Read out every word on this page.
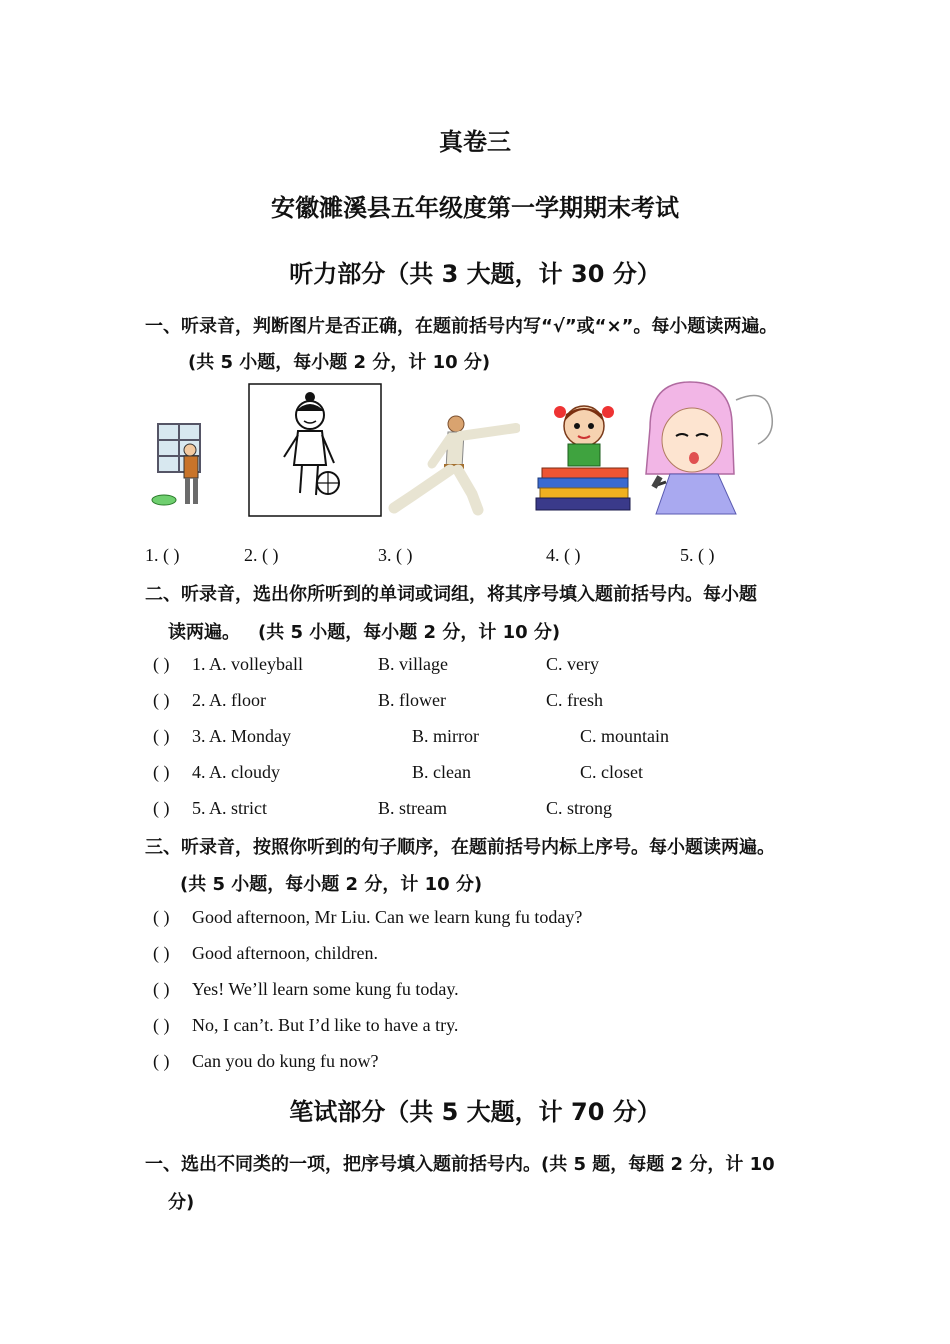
真卷三
安徽濉溪县五年级度第一学期期末考试
听力部分（共 3 大题，计 30 分）
一、听录音，判断图片是否正确，在题前括号内写“√”或“×”。每小题读两遍。
(共 5 小题，每小题 2 分，计 10 分)
1. ( )	2. ( )	3. ( )	4. ( )	5. ( )
二、听录音，选出你所听到的单词或词组，将其序号填入题前括号内。每小题
读两遍。 (共 5 小题，每小题 2 分，计 10 分)
( ) 1. A. volleyball	B. village	C. very
( ) 2. A. floor	B. flower	C. fresh
( ) 3. A. Monday	B. mirror	C. mountain
( ) 4. A. cloudy	B. clean	C. closet
( ) 5. A. strict	B. stream	C. strong
三、听录音，按照你听到的句子顺序，在题前括号内标上序号。每小题读两遍。
(共 5 小题，每小题 2 分，计 10 分)
( ) Good afternoon, Mr Liu. Can we learn kung fu today?
( ) Good afternoon, children.
( ) Yes! We’ll learn some kung fu today.
( ) No, I can’t. But I’d like to have a try.
( ) Can you do kung fu now?
笔试部分（共 5 大题，计 70 分）
一、选出不同类的一项，把序号填入题前括号内。(共 5 题，每题 2 分，计 10
分)
